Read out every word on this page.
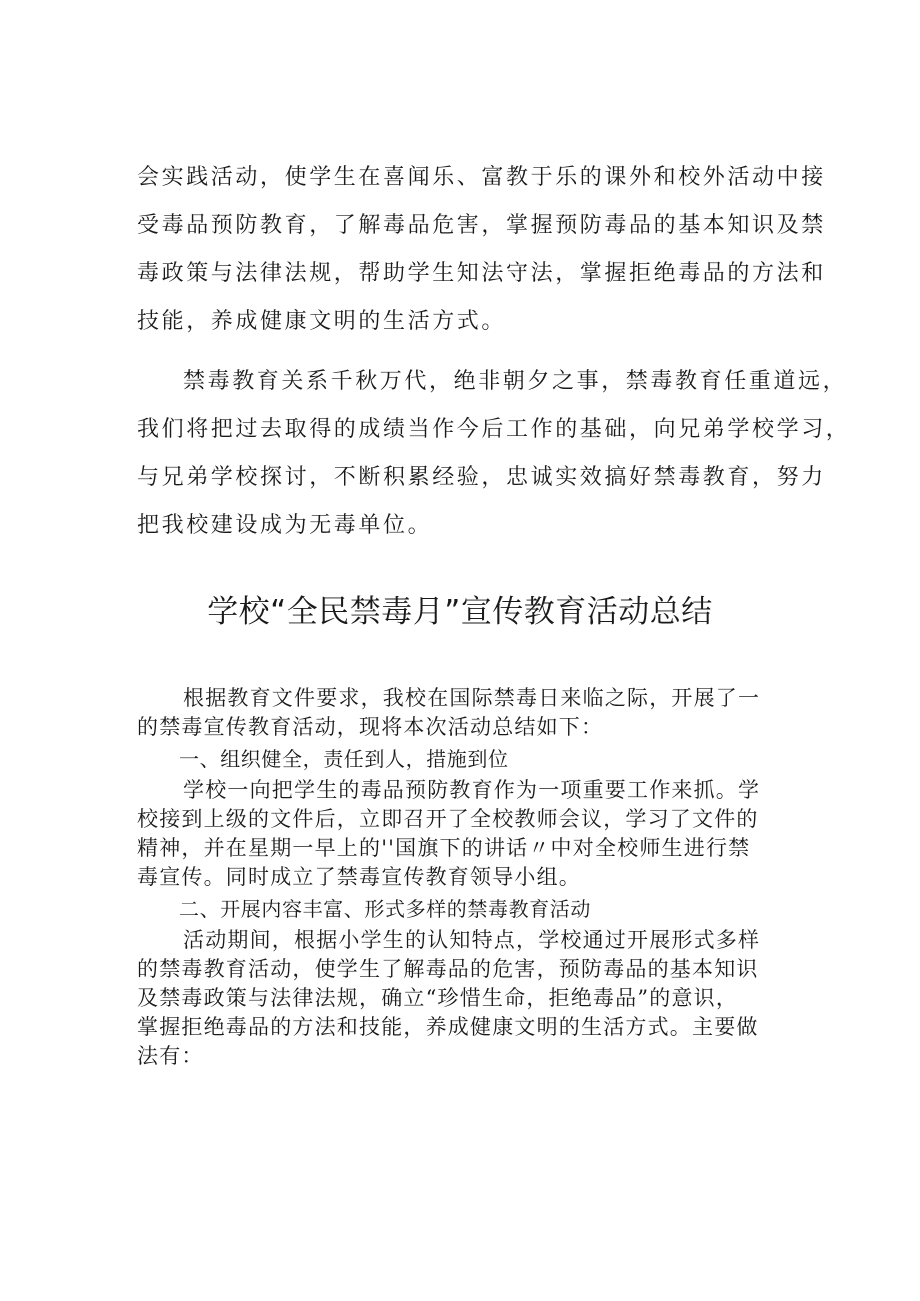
会实践活动，使学生在喜闻乐、富教于乐的课外和校外活动中接

受毒品预防教育，了解毒品危害，掌握预防毒品的基本知识及禁

毒政策与法律法规，帮助学生知法守法，掌握拒绝毒品的方法和

技能，养成健康文明的生活方式。

禁毒教育关系千秋万代，绝非朝夕之事，禁毒教育任重道远，

我们将把过去取得的成绩当作今后工作的基础，向兄弟学校学习，

与兄弟学校探讨，不断积累经验，忠诚实效搞好禁毒教育，努力

把我校建设成为无毒单位。

学校“全民禁毒月”宣传教育活动总结

根据教育文件要求，我校在国际禁毒日来临之际，开展了一

的禁毒宣传教育活动，现将本次活动总结如下：

一、组织健全，责任到人，措施到位

学校一向把学生的毒品预防教育作为一项重要工作来抓。学

校接到上级的文件后，立即召开了全校教师会议，学习了文件的

精神，并在星期一早上的''国旗下的讲话〃中对全校师生进行禁

毒宣传。同时成立了禁毒宣传教育领导小组。

二、开展内容丰富、形式多样的禁毒教育活动

活动期间，根据小学生的认知特点，学校通过开展形式多样

的禁毒教育活动，使学生了解毒品的危害，预防毒品的基本知识

及禁毒政策与法律法规，确立“珍惜生命，拒绝毒品”的意识，

掌握拒绝毒品的方法和技能，养成健康文明的生活方式。主要做

法有：
